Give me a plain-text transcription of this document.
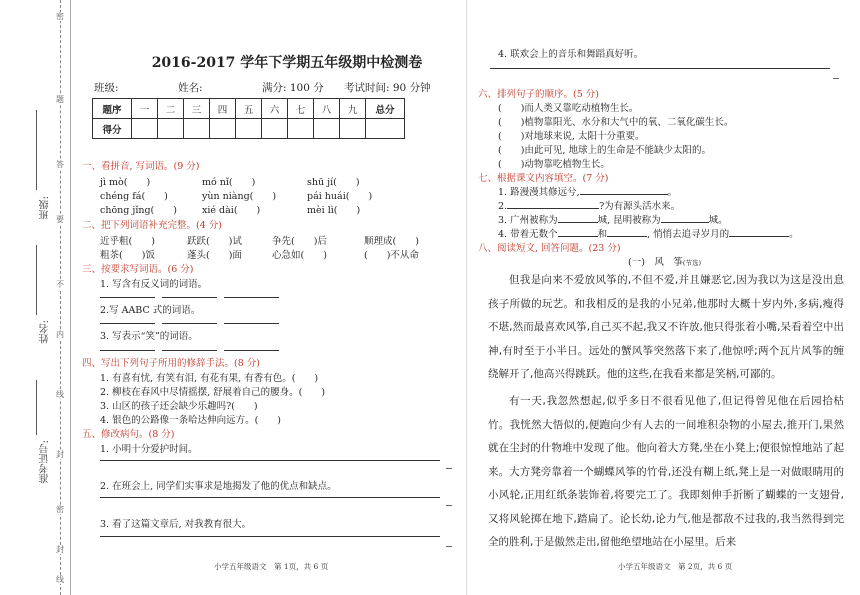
密
题
答
要
不
内
线
封
密
封
线
班级:
姓名:
准考证号:
2016-2017 学年下学期五年级期中检测卷
班级:	姓名:	满分: 100 分 考试时间: 90 分钟
题序	一	二	三	四	五	六	七	八	九	总分
得分										
一、看拼音, 写词语。(9 分)
jì mò(　　)	mó nǐ(　　)	shū jí(　　)
chéng fá(　　)	yùn niàng(　　)	pái huái(　　)
chōng jǐng(　　)	xié dài(　　)	mèi lì(　　)
二、把下列词语补充完整。(4 分)
近乎粗(　　)	跃跃(　　)试	争先(　　)后	顺理成(　　)
粗茶(　　)饭	蓬头(　　)面	心急如(　　)	(　　)不从命
三、按要求写词语。(6 分)
1. 写含有反义词的词语。
2.写 AABC 式的词语。
3. 写表示“笑”的词语。
四、写出下列句子所用的修辞手法。(8 分)
1. 有喜有忧, 有笑有泪, 有花有果, 有香有色。(　　)
2. 柳枝在春风中尽情摇摆, 舒展着自己的腰身。(　　)
3. 山区的孩子还会缺少乐趣吗?(　　)
4. 银色的公路像一条哈达伸向远方。(　　)
五、修改病句。(8 分)
1. 小明十分爱护时间。
2. 在班会上, 同学们实事求是地揭发了他的优点和缺点。
3. 看了这篇文章后, 对我教育很大。
小学五年级语文　第 1页，共 6 页
4. 联欢会上的音乐和舞蹈真好听。
六、排列句子的顺序。(5 分)
(　　)而人类又靠吃动植物生长。
(　　)植物靠阳光、水分和大气中的氧、二氧化碳生长。
(　　)对地球来说, 太阳十分重要。
(　　)由此可见, 地球上的生命是不能缺少太阳的。
(　　)动物靠吃植物生长。
七、根据课文内容填空。(7 分)
1. 路漫漫其修远兮,	。
2.	?为有源头活水来。
3. 广州被称为	城, 昆明被称为	城。
4. 带着无数个	和	, 悄悄去追寻岁月的	。
八、阅读短文, 回答问题。(23 分)
(一)　风　筝(节选)
但我是向来不爱放风筝的,不但不爱,并且嫌恶它,因为我以为这是没出息孩子所做的玩艺。和我相反的是我的小兄弟,他那时大概十岁内外,多病,瘦得不堪,然而最喜欢风筝,自己买不起,我又不许放,他只得张着小嘴,呆看着空中出神,有时至于小半日。远处的蟹风筝突然落下来了,他惊呼;两个瓦片风筝的缠绕解开了,他高兴得跳跃。他的这些,在我看来都是笑柄,可鄙的。
有一天,我忽然想起,似乎多日不很看见他了,但记得曾见他在后园拾枯竹。我恍然大悟似的,便跑向少有人去的一间堆积杂物的小屋去,推开门,果然就在尘封的什物堆中发现了他。他向着大方凳,坐在小凳上;便很惊惶地站了起来。大方凳旁靠着一个蝴蝶风筝的竹骨,还没有糊上纸,凳上是一对做眼睛用的小风轮,正用红纸条装饰着,将要完工了。我即刻伸手折断了蝴蝶的一支翅骨,又将风轮掷在地下,踏扁了。论长幼,论力气,他是都敌不过我的,我当然得到完全的胜利,于是傲然走出,留他绝望地站在小屋里。后来
小学五年级语文　第 2页，共 6 页
